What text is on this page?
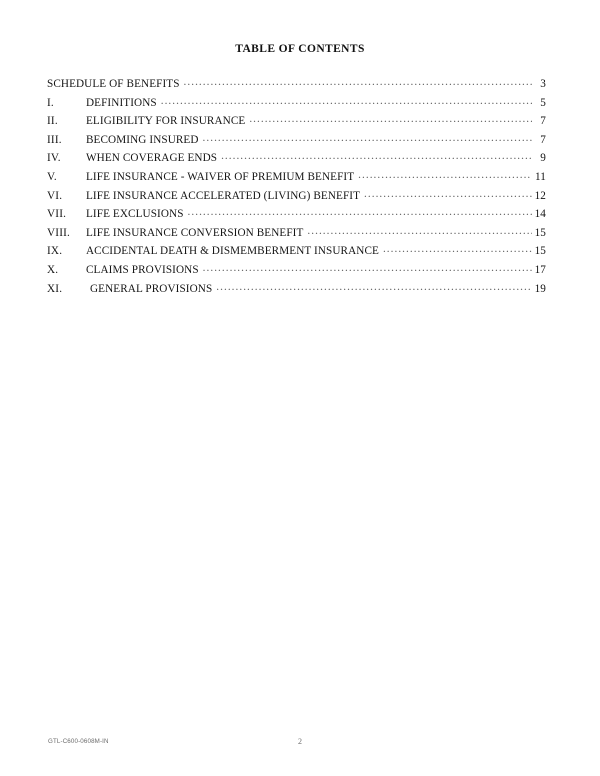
TABLE OF CONTENTS
SCHEDULE OF BENEFITS .....	3
I.	DEFINITIONS .....	5
II.	ELIGIBILITY FOR INSURANCE .....	7
III.	BECOMING INSURED .....	7
IV.	WHEN COVERAGE ENDS .....	9
V.	LIFE INSURANCE - WAIVER OF PREMIUM BENEFIT .....	11
VI.	LIFE INSURANCE ACCELERATED (LIVING) BENEFIT .....	12
VII.	LIFE EXCLUSIONS .....	14
VIII.	LIFE INSURANCE CONVERSION BENEFIT .....	15
IX.	ACCIDENTAL DEATH & DISMEMBERMENT INSURANCE .....	15
X.	CLAIMS PROVISIONS .....	17
XI.	GENERAL PROVISIONS .....	19
GTL-C600-0608M-IN	2
